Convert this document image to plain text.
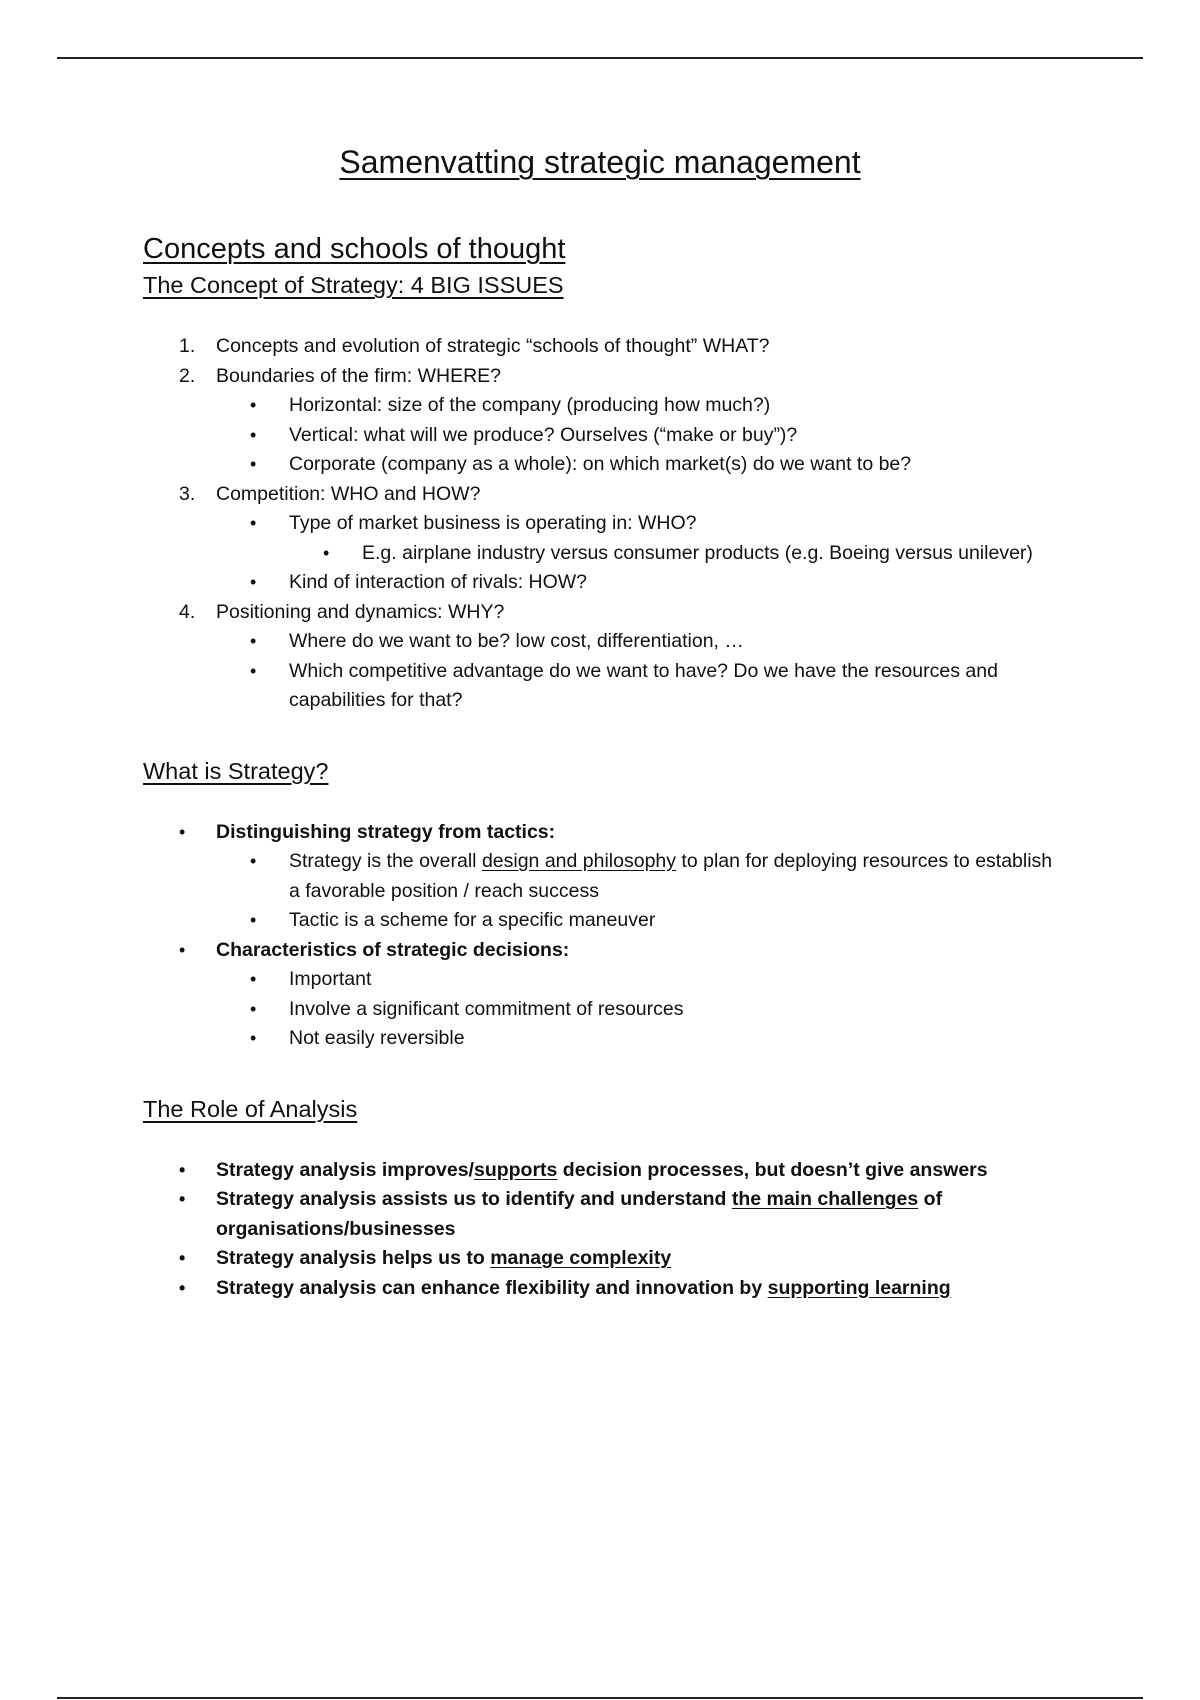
Samenvatting strategic management
Concepts and schools of thought
The Concept of Strategy: 4 BIG ISSUES
1.	Concepts and evolution of strategic “schools of thought” WHAT?
2.	Boundaries of the firm: WHERE?
• Horizontal: size of the company (producing how much?)
• Vertical: what will we produce? Ourselves (“make or buy”)?
• Corporate (company as a whole): on which market(s) do we want to be?
3.	Competition: WHO and HOW?
• Type of market business is operating in: WHO?
• E.g. airplane industry versus consumer products (e.g. Boeing versus unilever)
• Kind of interaction of rivals: HOW?
4.	Positioning and dynamics: WHY?
• Where do we want to be? low cost, differentiation, …
• Which competitive advantage do we want to have? Do we have the resources and capabilities for that?
What is Strategy?
• Distinguishing strategy from tactics:
• Strategy is the overall design and philosophy to plan for deploying resources to establish a favorable position / reach success
• Tactic is a scheme for a specific maneuver
• Characteristics of strategic decisions:
• Important
• Involve a significant commitment of resources
• Not easily reversible
The Role of Analysis
• Strategy analysis improves/supports decision processes, but doesn’t give answers
• Strategy analysis assists us to identify and understand the main challenges of organisations/businesses
• Strategy analysis helps us to manage complexity
• Strategy analysis can enhance flexibility and innovation by supporting learning
